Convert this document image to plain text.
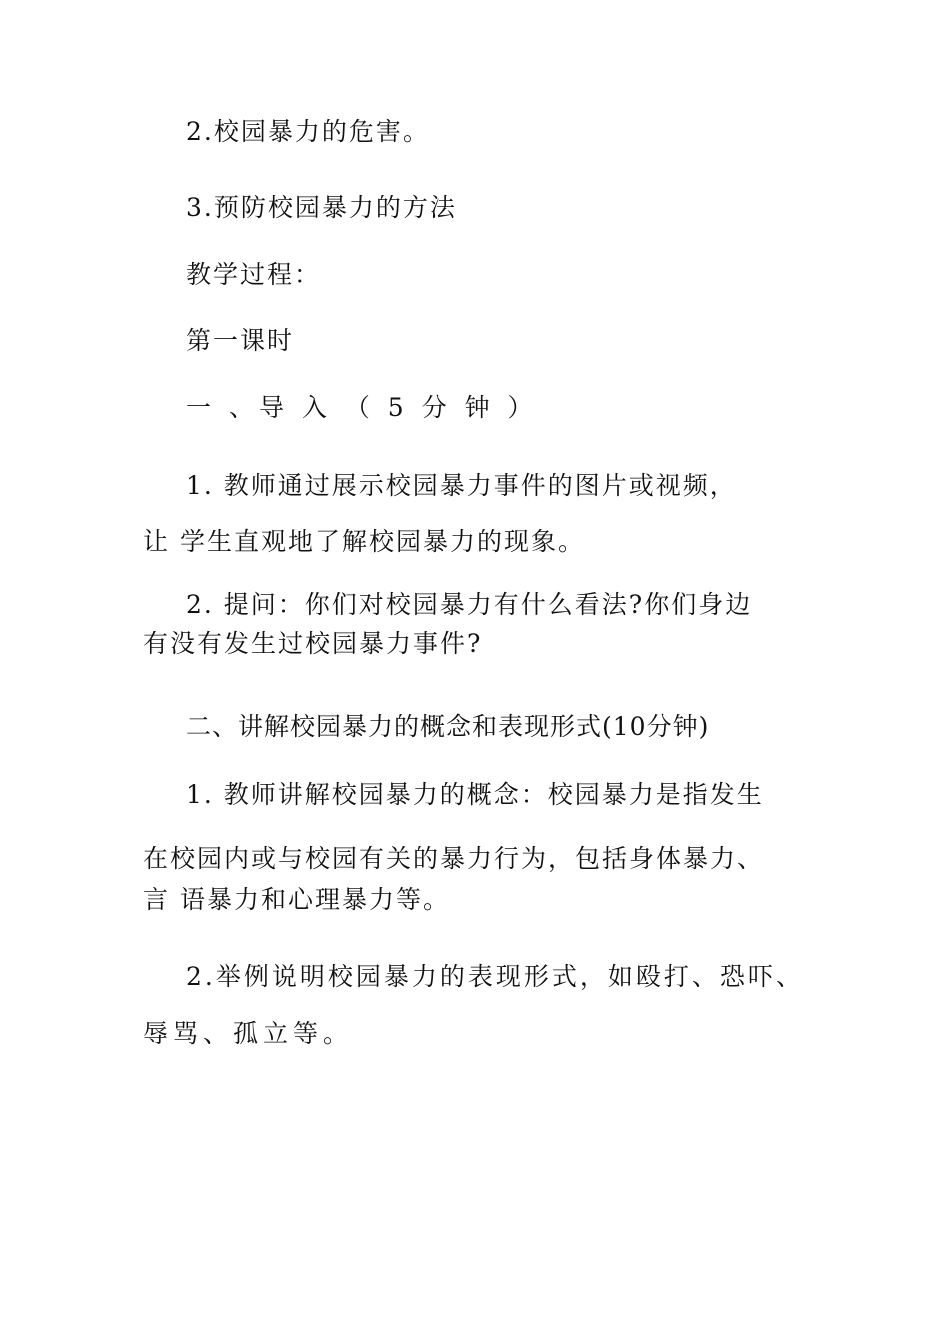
2.校园暴力的危害。
3.预防校园暴力的方法
教学过程：
第一课时
一 、导 入 （ 5 分 钟 ）
1. 教师通过展示校园暴力事件的图片或视频，
让 学生直观地了解校园暴力的现象。
2. 提问：你们对校园暴力有什么看法?你们身边
有没有发生过校园暴力事件?
二、讲解校园暴力的概念和表现形式(10分钟)
1. 教师讲解校园暴力的概念：校园暴力是指发生
在校园内或与校园有关的暴力行为，包括身体暴力、
言 语暴力和心理暴力等。
2.举例说明校园暴力的表现形式，如殴打、恐吓、
辱骂、孤立等。
